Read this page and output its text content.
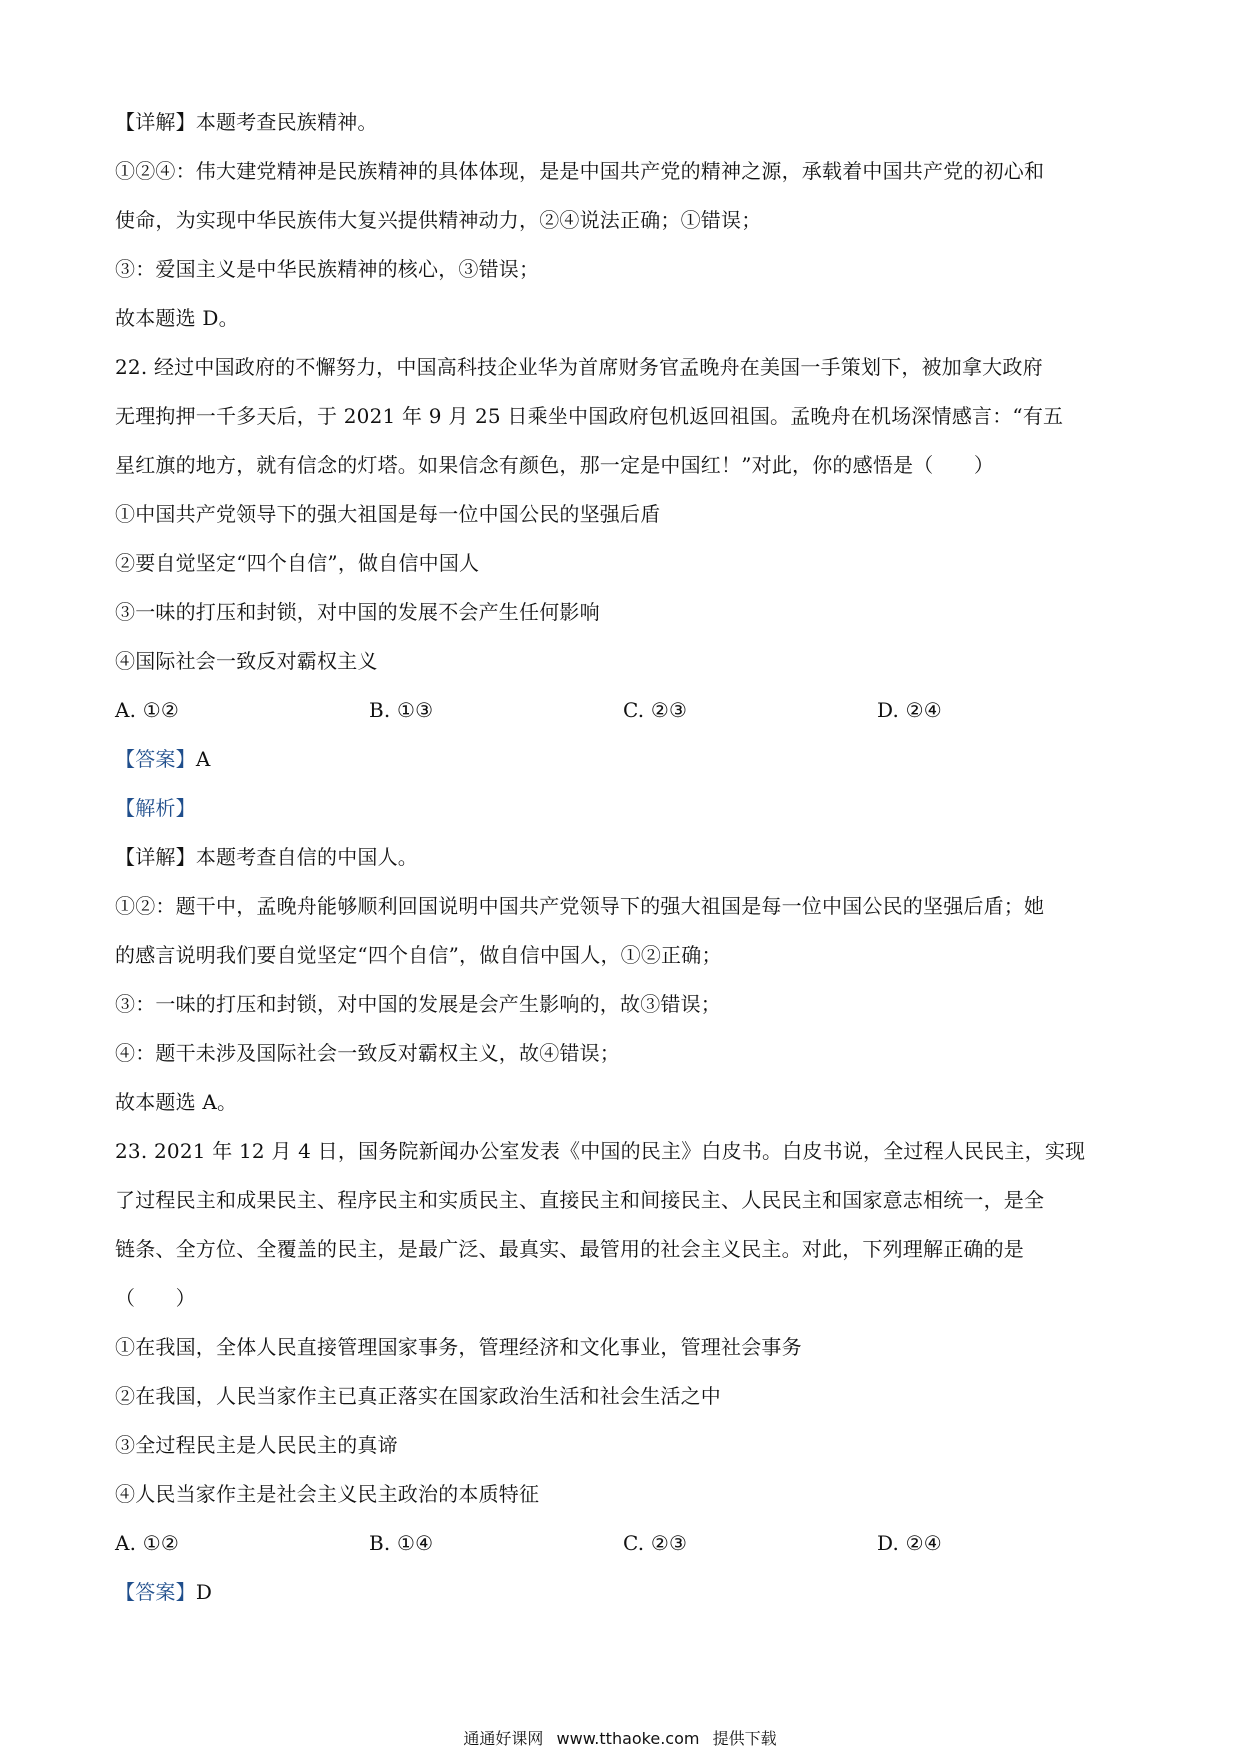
【详解】本题考查民族精神。
①②④：伟大建党精神是民族精神的具体体现，是是中国共产党的精神之源，承载着中国共产党的初心和
使命，为实现中华民族伟大复兴提供精神动力，②④说法正确；①错误；
③：爱国主义是中华民族精神的核心，③错误；
故本题选 D。
22. 经过中国政府的不懈努力，中国高科技企业华为首席财务官孟晚舟在美国一手策划下，被加拿大政府
无理拘押一千多天后，于 2021 年 9 月 25 日乘坐中国政府包机返回祖国。孟晚舟在机场深情感言：“有五
星红旗的地方，就有信念的灯塔。如果信念有颜色，那一定是中国红！”对此，你的感悟是（　　）
①中国共产党领导下的强大祖国是每一位中国公民的坚强后盾
②要自觉坚定“四个自信”，做自信中国人
③一味的打压和封锁，对中国的发展不会产生任何影响
④国际社会一致反对霸权主义
A. ①②	B. ①③	C. ②③	D. ②④
【答案】A
【解析】
【详解】本题考查自信的中国人。
①②：题干中，孟晚舟能够顺利回国说明中国共产党领导下的强大祖国是每一位中国公民的坚强后盾；她
的感言说明我们要自觉坚定“四个自信”，做自信中国人，①②正确；
③：一味的打压和封锁，对中国的发展是会产生影响的，故③错误；
④：题干未涉及国际社会一致反对霸权主义，故④错误；
故本题选 A。
23. 2021 年 12 月 4 日，国务院新闻办公室发表《中国的民主》白皮书。白皮书说，全过程人民民主，实现
了过程民主和成果民主、程序民主和实质民主、直接民主和间接民主、人民民主和国家意志相统一，是全
链条、全方位、全覆盖的民主，是最广泛、最真实、最管用的社会主义民主。对此，下列理解正确的是
（　　）
①在我国，全体人民直接管理国家事务，管理经济和文化事业，管理社会事务
②在我国，人民当家作主已真正落实在国家政治生活和社会生活之中
③全过程民主是人民民主的真谛
④人民当家作主是社会主义民主政治的本质特征
A. ①②	B. ①④	C. ②③	D. ②④
【答案】D
通通好课网 www.tthaoke.com 提供下载
